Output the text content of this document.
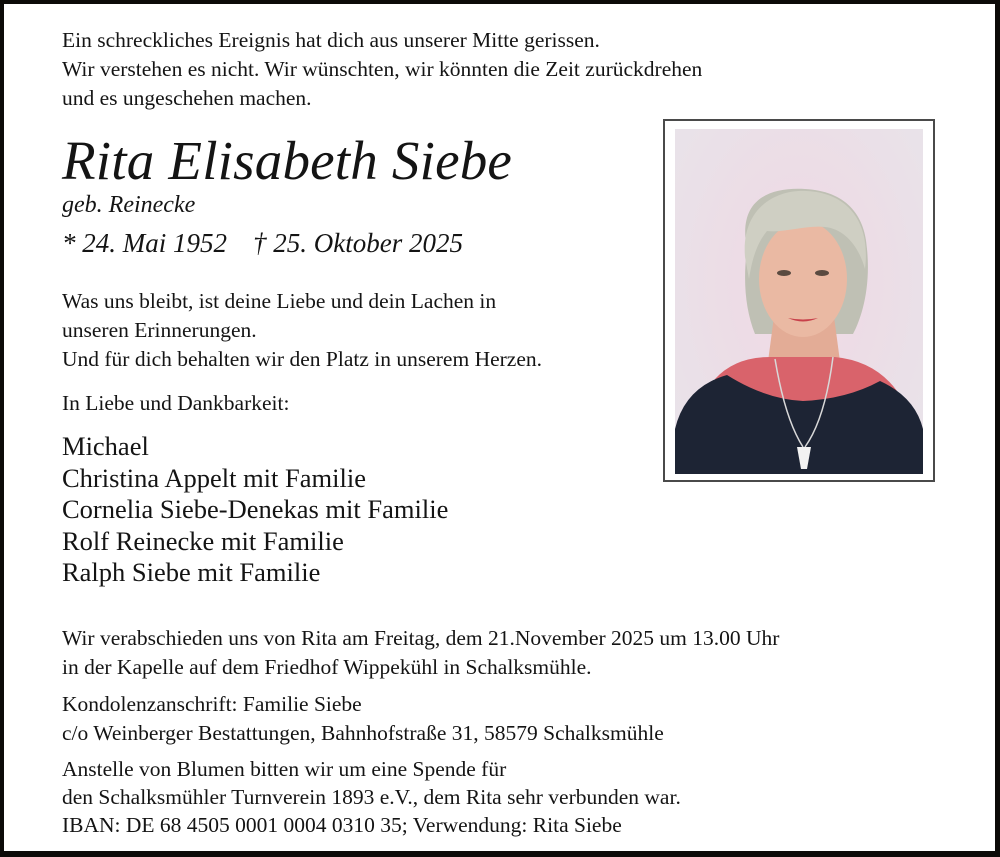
Ein schreckliches Ereignis hat dich aus unserer Mitte gerissen.
Wir verstehen es nicht. Wir wünschten, wir könnten die Zeit zurückdrehen
und es ungeschehen machen.
Rita Elisabeth Siebe
geb. Reinecke
* 24. Mai 1952 † 25. Oktober 2025
Was uns bleibt, ist deine Liebe und dein Lachen in
unseren Erinnerungen.
Und für dich behalten wir den Platz in unserem Herzen.
In Liebe und Dankbarkeit:
Michael
Christina Appelt mit Familie
Cornelia Siebe-Denekas mit Familie
Rolf Reinecke mit Familie
Ralph Siebe mit Familie
Wir verabschieden uns von Rita am Freitag, dem 21.November 2025 um 13.00 Uhr
in der Kapelle auf dem Friedhof Wippekühl in Schalksmühle.
Kondolenzanschrift: Familie Siebe
c/o Weinberger Bestattungen, Bahnhofstraße 31, 58579 Schalksmühle
Anstelle von Blumen bitten wir um eine Spende für
den Schalksmühler Turnverein 1893 e.V., dem Rita sehr verbunden war.
IBAN: DE 68 4505 0001 0004 0310 35; Verwendung: Rita Siebe
